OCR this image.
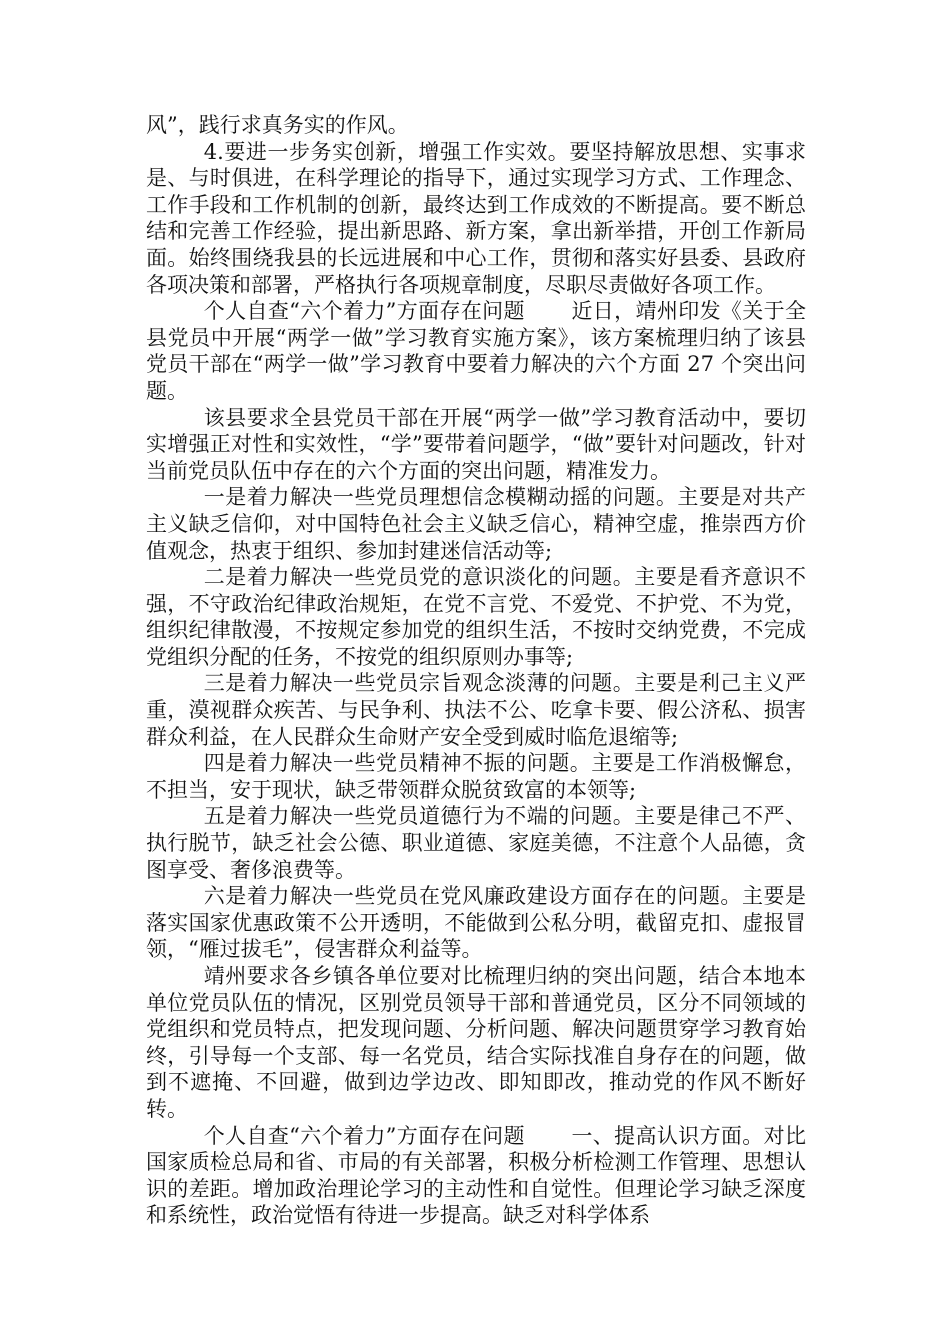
风”，践行求真务实的作风。

4.要进一步务实创新，增强工作实效。要坚持解放思想、实事求是、与时俱进，在科学理论的指导下，通过实现学习方式、工作理念、工作手段和工作机制的创新，最终达到工作成效的不断提高。要不断总结和完善工作经验，提出新思路、新方案，拿出新举措，开创工作新局面。始终围绕我县的长远进展和中心工作，贯彻和落实好县委、县政府各项决策和部署，严格执行各项规章制度，尽职尽责做好各项工作。

个人自查“六个着力”方面存在问题 近日，靖州印发《关于全县党员中开展“两学一做”学习教育实施方案》，该方案梳理归纳了该县党员干部在“两学一做”学习教育中要着力解决的六个方面 27 个突出问题。

该县要求全县党员干部在开展“两学一做”学习教育活动中，要切实增强正对性和实效性，“学”要带着问题学，“做”要针对问题改，针对当前党员队伍中存在的六个方面的突出问题，精准发力。

一是着力解决一些党员理想信念模糊动摇的问题。主要是对共产主义缺乏信仰，对中国特色社会主义缺乏信心，精神空虚，推崇西方价值观念，热衷于组织、参加封建迷信活动等;

二是着力解决一些党员党的意识淡化的问题。主要是看齐意识不强，不守政治纪律政治规矩，在党不言党、不爱党、不护党、不为党，组织纪律散漫，不按规定参加党的组织生活，不按时交纳党费，不完成党组织分配的任务，不按党的组织原则办事等;

三是着力解决一些党员宗旨观念淡薄的问题。主要是利己主义严重，漠视群众疾苦、与民争利、执法不公、吃拿卡要、假公济私、损害群众利益，在人民群众生命财产安全受到威时临危退缩等;

四是着力解决一些党员精神不振的问题。主要是工作消极懈怠，不担当，安于现状，缺乏带领群众脱贫致富的本领等;

五是着力解决一些党员道德行为不端的问题。主要是律己不严、执行脱节，缺乏社会公德、职业道德、家庭美德，不注意个人品德，贪图享受、奢侈浪费等。

六是着力解决一些党员在党风廉政建设方面存在的问题。主要是落实国家优惠政策不公开透明，不能做到公私分明，截留克扣、虚报冒领，“雁过拔毛”，侵害群众利益等。

靖州要求各乡镇各单位要对比梳理归纳的突出问题，结合本地本单位党员队伍的情况，区别党员领导干部和普通党员，区分不同领域的党组织和党员特点，把发现问题、分析问题、解决问题贯穿学习教育始终，引导每一个支部、每一名党员，结合实际找准自身存在的问题，做到不遮掩、不回避，做到边学边改、即知即改，推动党的作风不断好转。

个人自查“六个着力”方面存在问题 一、提高认识方面。对比国家质检总局和省、市局的有关部署，积极分析检测工作管理、思想认识的差距。增加政治理论学习的主动性和自觉性。但理论学习缺乏深度和系统性，政治觉悟有待进一步提高。缺乏对科学体系
